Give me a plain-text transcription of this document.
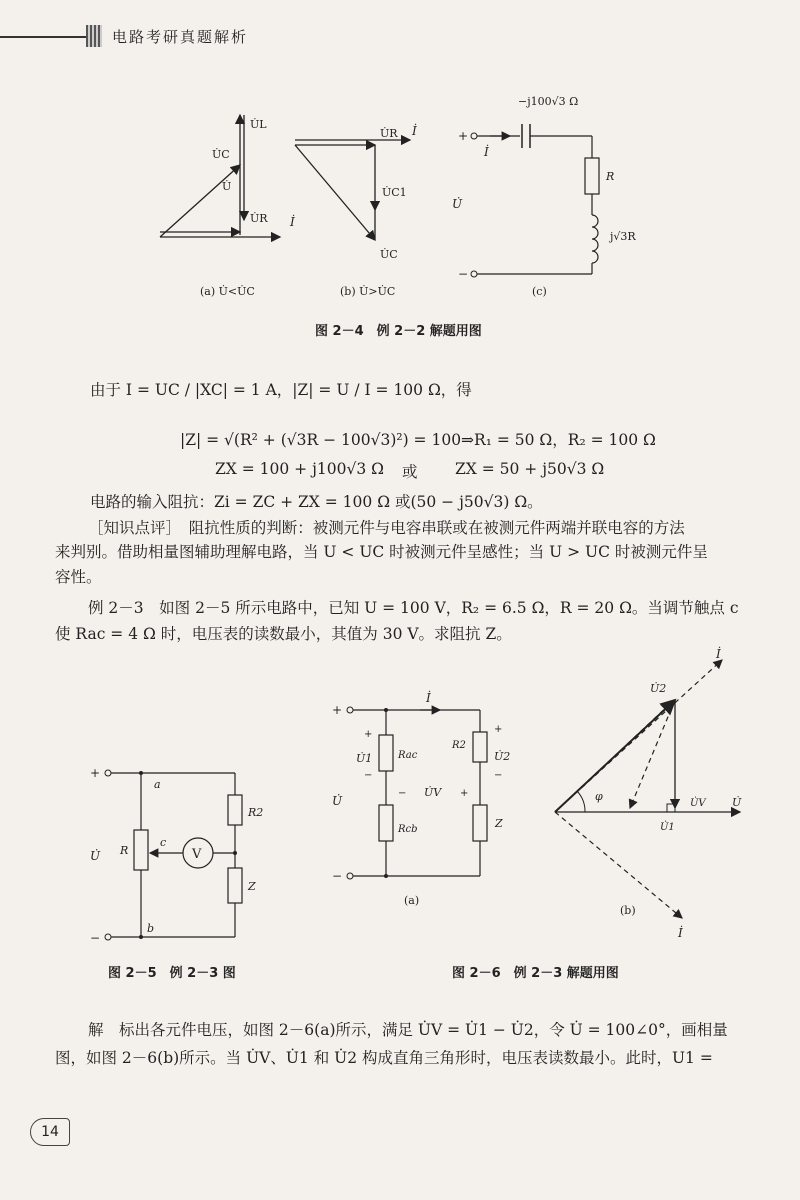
电路考研真题解析
U̇L
U̇C
U̇
U̇R İ
(a) U̇<U̇C
U̇R İ
U̇C1
U̇C
(b) U̇>U̇C
−j100√3 Ω
+
İ
U̇
R
j√3R
−
(c)
图 2－4　例 2－2 解题用图
由于 I = UC / |XC| = 1 A，|Z| = U / I = 100 Ω，得
|Z| = √(R² + (√3R − 100√3)²) = 100⇒R₁ = 50 Ω，R₂ = 100 Ω
ZX = 100 + j100√3 Ω 或 ZX = 50 + j50√3 Ω
电路的输入阻抗：Zi = ZC + ZX = 100 Ω 或(50 − j50√3) Ω。
［知识点评］　阻抗性质的判断：被测元件与电容串联或在被测元件两端并联电容的方法
来判别。借助相量图辅助理解电路，当 U < UC 时被测元件呈感性；当 U > UC 时被测元件呈
容性。
例 2－3　如图 2－5 所示电路中，已知 U = 100 V，R₂ = 6.5 Ω，R = 20 Ω。当调节触点 c
使 Rac = 4 Ω 时，电压表的读数最小，其值为 30 V。求阻抗 Z。
+
a
V
c
R2
Z
U̇ R
−
b
图 2－5　例 2－3 图
+
İ
−
+
U̇1
−
Rac
R2
+
U̇2
−
U̇
− U̇V +
Rcb	Z
(a)
İ
U̇2
φ
U̇V U̇
U̇1
(b)
İ
图 2－6　例 2－3 解题用图
解　标出各元件电压，如图 2－6(a)所示，满足 U̇V = U̇1 − U̇2，令 U̇ = 100∠0°，画相量
图，如图 2－6(b)所示。当 U̇V、U̇1 和 U̇2 构成直角三角形时，电压表读数最小。此时，U1 =
14
